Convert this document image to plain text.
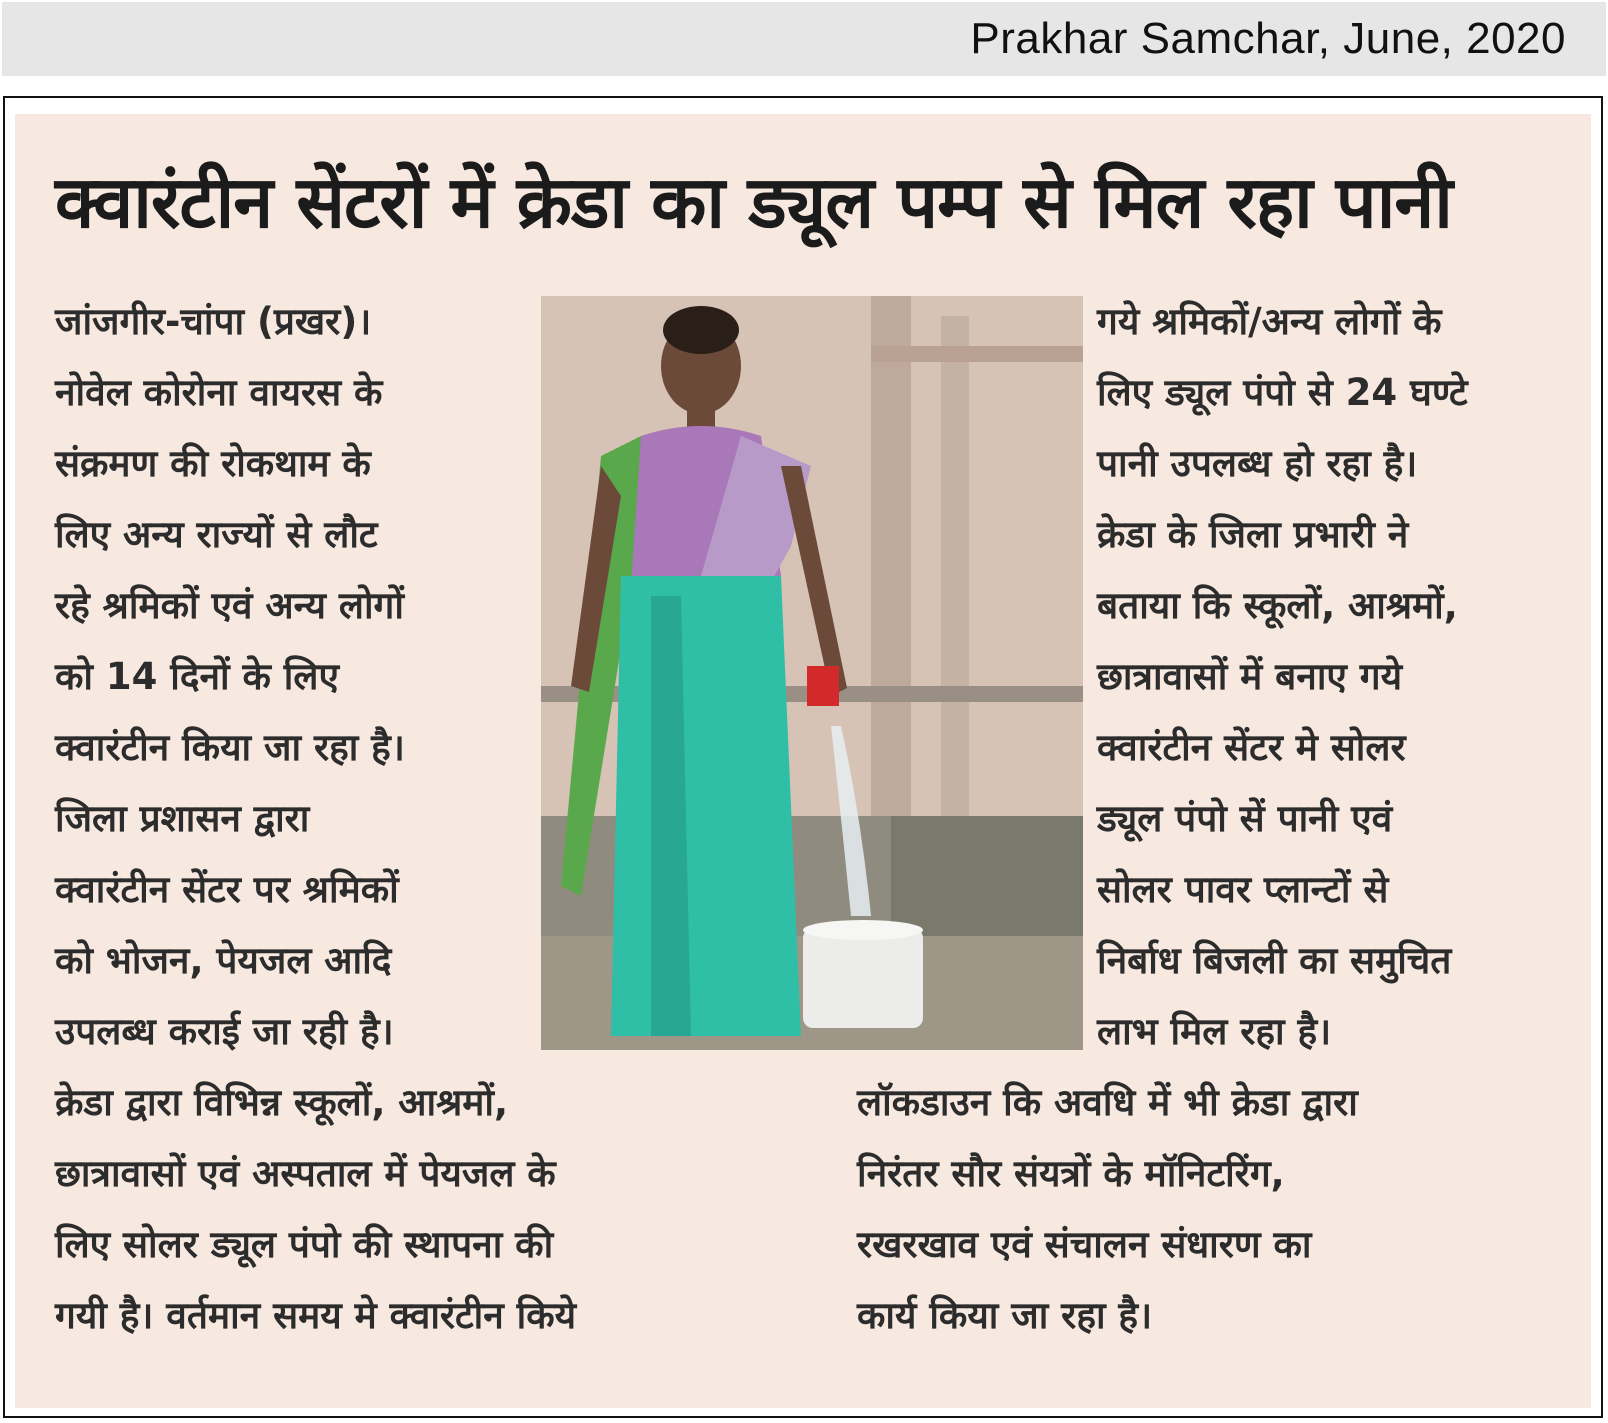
Prakhar Samchar, June, 2020
क्वारंटीन सेंटरों में क्रेडा का ड्यूल पम्प से मिल रहा पानी
जांजगीर-चांपा (प्रखर)।
नोवेल कोरोना वायरस के
संक्रमण की रोकथाम के
लिए अन्य राज्यों से लौट
रहे श्रमिकों एवं अन्य लोगों
को 14 दिनों के लिए
क्वारंटीन किया जा रहा है।
जिला प्रशासन द्वारा
क्वारंटीन सेंटर पर श्रमिकों
को भोजन, पेयजल आदि
उपलब्ध कराई जा रही है।
गये श्रमिकों/अन्य लोगों के
लिए ड्यूल पंपो से 24 घण्टे
पानी उपलब्ध हो रहा है।
क्रेडा के जिला प्रभारी ने
बताया कि स्कूलों, आश्रमों,
छात्रावासों में बनाए गये
क्वारंटीन सेंटर मे सोलर
ड्यूल पंपो सें पानी एवं
सोलर पावर प्लान्टों से
निर्बाध बिजली का समुचित
लाभ मिल रहा है।
क्रेडा द्वारा विभिन्न स्कूलों, आश्रमों,
छात्रावासों एवं अस्पताल में पेयजल के
लिए सोलर ड्यूल पंपो की स्थापना की
गयी है। वर्तमान समय मे क्वारंटीन किये
लॉकडाउन कि अवधि में भी क्रेडा द्वारा
निरंतर सौर संयत्रों के मॉनिटरिंग,
रखरखाव एवं संचालन संधारण का
कार्य किया जा रहा है।
